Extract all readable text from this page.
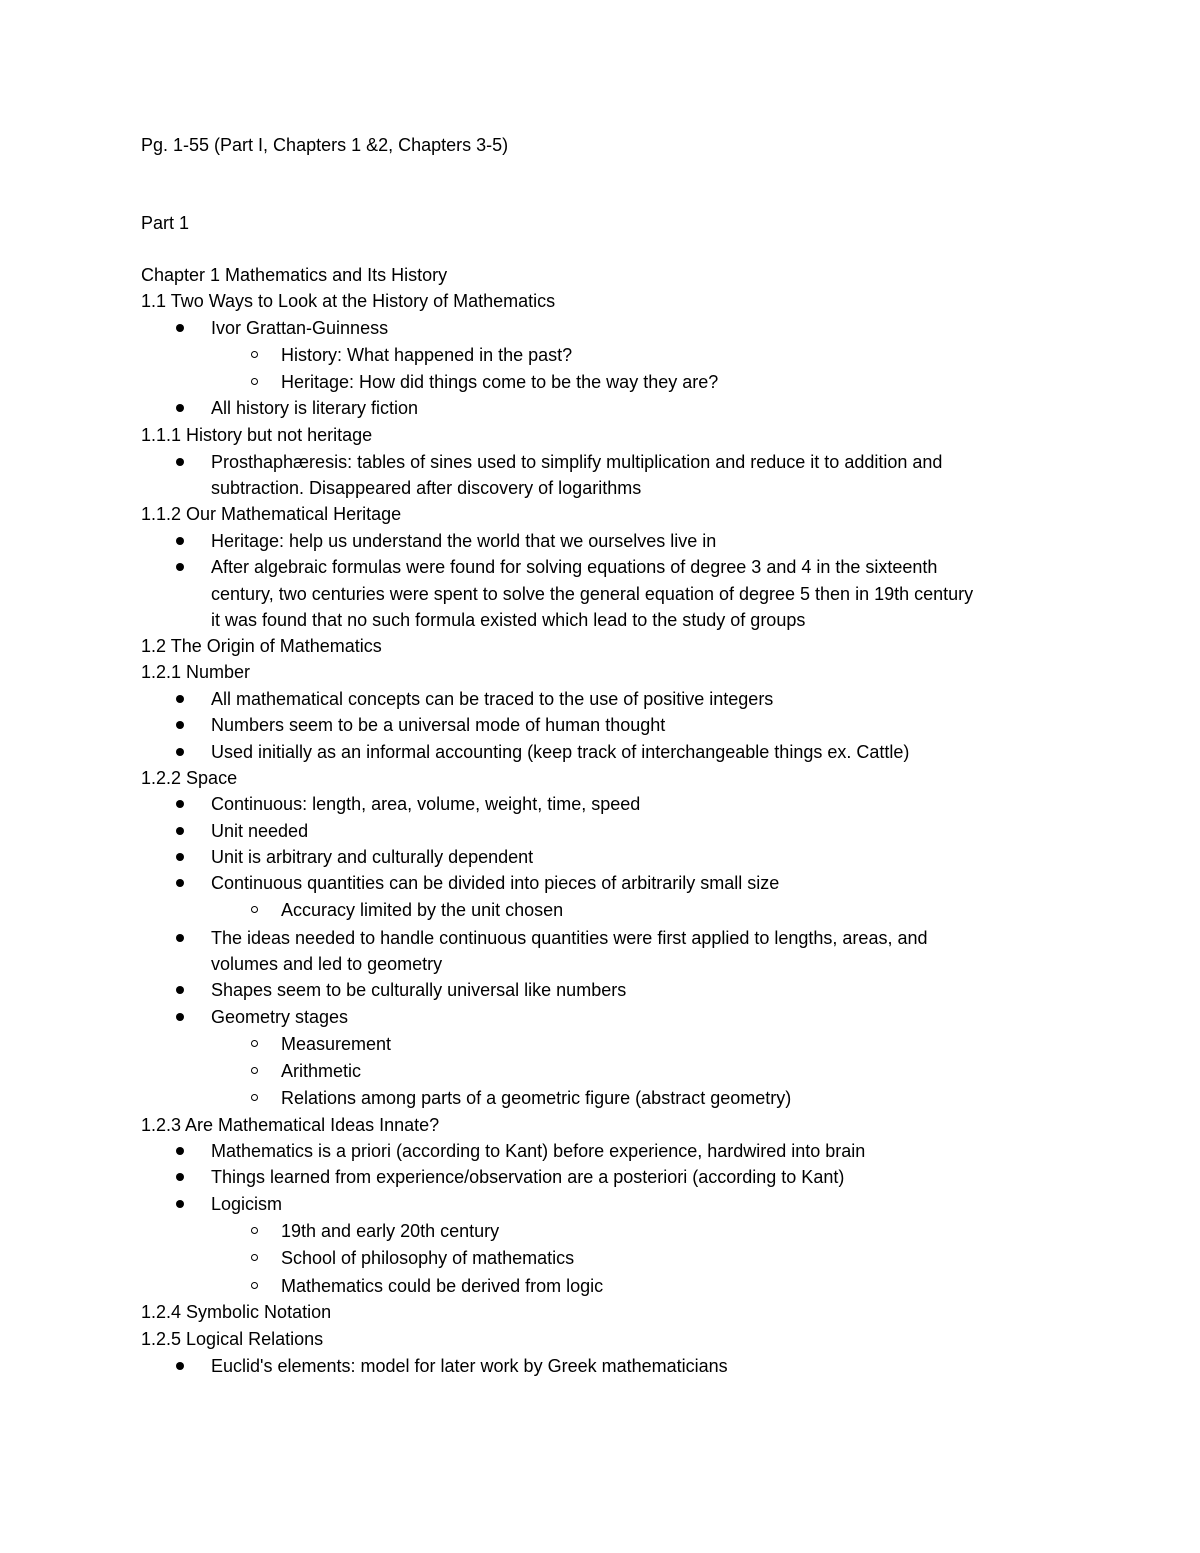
Pg. 1-55 (Part I, Chapters 1 &2, Chapters 3-5)
Part 1
Chapter 1 Mathematics and Its History
1.1 Two Ways to Look at the History of Mathematics
Ivor Grattan-Guinness
History: What happened in the past?
Heritage: How did things come to be the way they are?
All history is literary fiction
1.1.1 History but not heritage
Prosthaphæresis: tables of sines used to simplify multiplication and reduce it to addition and
subtraction. Disappeared after discovery of logarithms
1.1.2 Our Mathematical Heritage
Heritage: help us understand the world that we ourselves live in
After algebraic formulas were found for solving equations of degree 3 and 4 in the sixteenth
century, two centuries were spent to solve the general equation of degree 5 then in 19th century
it was found that no such formula existed which lead to the study of groups
1.2 The Origin of Mathematics
1.2.1 Number
All mathematical concepts can be traced to the use of positive integers
Numbers seem to be a universal mode of human thought
Used initially as an informal accounting (keep track of interchangeable things ex. Cattle)
1.2.2 Space
Continuous: length, area, volume, weight, time, speed
Unit needed
Unit is arbitrary and culturally dependent
Continuous quantities can be divided into pieces of arbitrarily small size
Accuracy limited by the unit chosen
The ideas needed to handle continuous quantities were first applied to lengths, areas, and
volumes and led to geometry
Shapes seem to be culturally universal like numbers
Geometry stages
Measurement
Arithmetic
Relations among parts of a geometric figure (abstract geometry)
1.2.3 Are Mathematical Ideas Innate?
Mathematics is a priori (according to Kant) before experience, hardwired into brain
Things learned from experience/observation are a posteriori (according to Kant)
Logicism
19th and early 20th century
School of philosophy of mathematics
Mathematics could be derived from logic
1.2.4 Symbolic Notation
1.2.5 Logical Relations
Euclid's elements: model for later work by Greek mathematicians
